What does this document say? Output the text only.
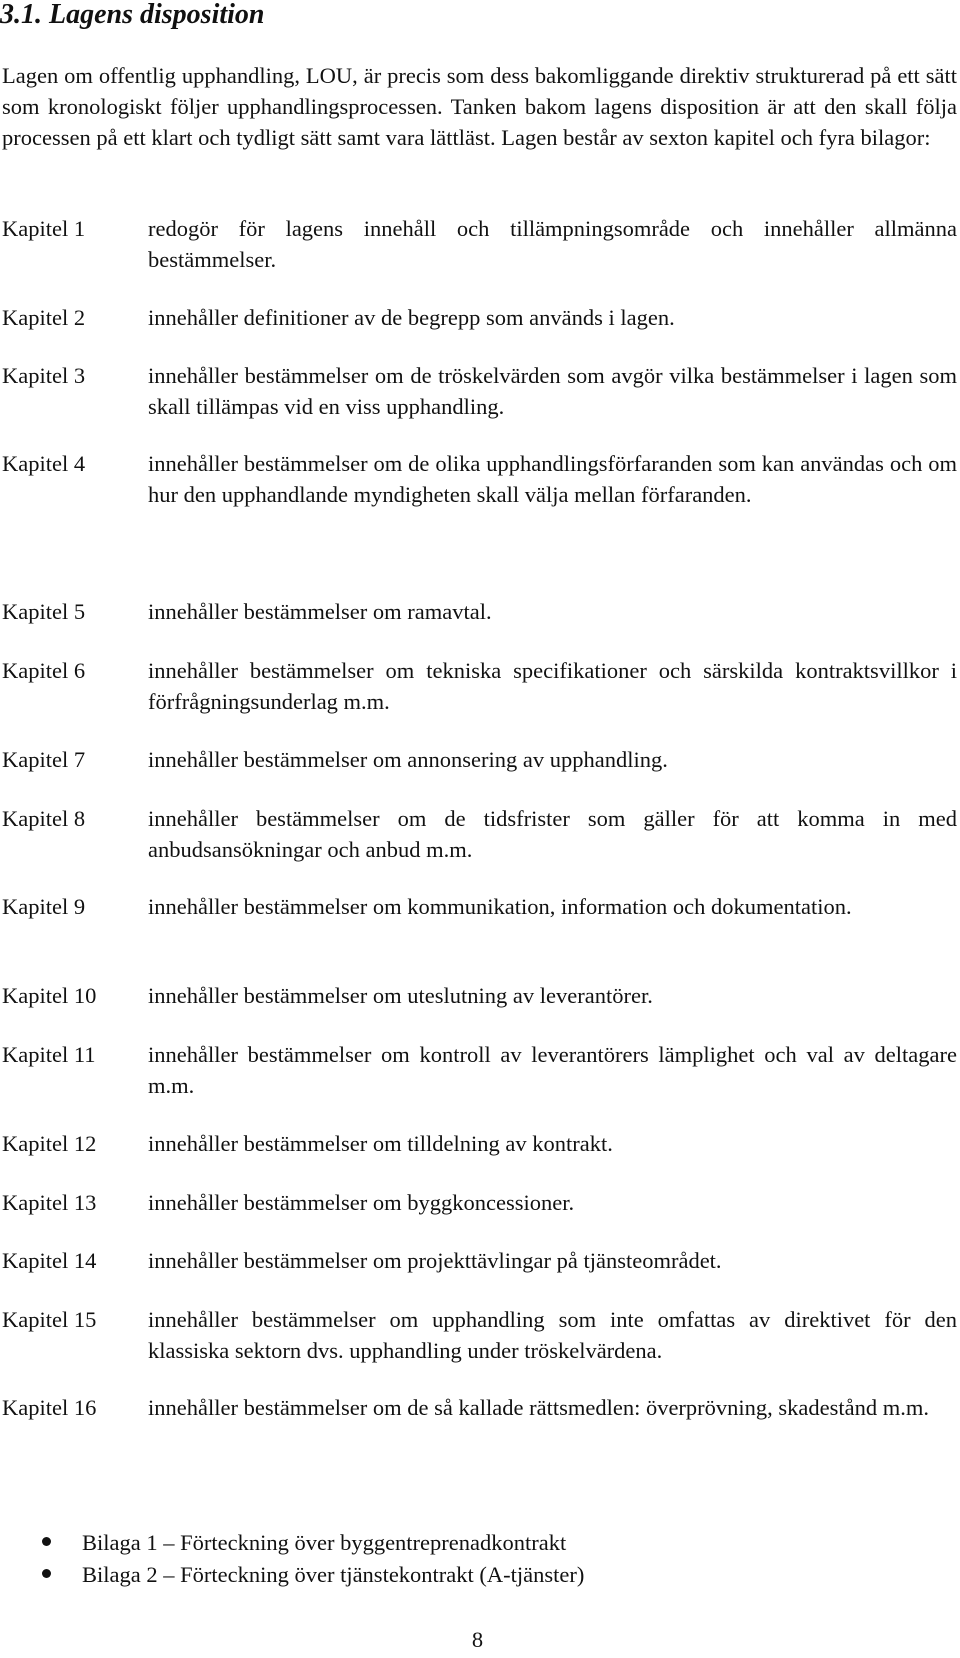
3.1. Lagens disposition

Lagen om offentlig upphandling, LOU, är precis som dess bakomliggande direktiv strukturerad på ett sätt som kronologiskt följer upphandlingsprocessen. Tanken bakom lagens disposition är att den skall följa processen på ett klart och tydligt sätt samt vara lättläst. Lagen består av sexton kapitel och fyra bilagor:

Kapitel 1	redogör för lagens innehåll och tillämpningsområde och innehåller allmänna bestämmelser.
Kapitel 2	innehåller definitioner av de begrepp som används i lagen.
Kapitel 3	innehåller bestämmelser om de tröskelvärden som avgör vilka bestämmelser i lagen som skall tillämpas vid en viss upphandling.
Kapitel 4	innehåller bestämmelser om de olika upphandlingsförfaranden som kan användas och om hur den upphandlande myndigheten skall välja mellan förfaranden.
Kapitel 5	innehåller bestämmelser om ramavtal.
Kapitel 6	innehåller bestämmelser om tekniska specifikationer och särskilda kontraktsvillkor i förfrågningsunderlag m.m.
Kapitel 7	innehåller bestämmelser om annonsering av upphandling.
Kapitel 8	innehåller bestämmelser om de tidsfrister som gäller för att komma in med anbudsansökningar och anbud m.m.
Kapitel 9	innehåller bestämmelser om kommunikation, information och dokumentation.
Kapitel 10 innehåller bestämmelser om uteslutning av leverantörer.
Kapitel 11 innehåller bestämmelser om kontroll av leverantörers lämplighet och val av deltagare m.m.
Kapitel 12 innehåller bestämmelser om tilldelning av kontrakt.
Kapitel 13 innehåller bestämmelser om byggkoncessioner.
Kapitel 14 innehåller bestämmelser om projekttävlingar på tjänsteområdet.
Kapitel 15 innehåller bestämmelser om upphandling som inte omfattas av direktivet för den klassiska sektorn dvs. upphandling under tröskelvärdena.
Kapitel 16 innehåller bestämmelser om de så kallade rättsmedlen: överprövning, skadestånd m.m.
Bilaga 1 – Förteckning över byggentreprenadkontrakt
Bilaga 2 – Förteckning över tjänstekontrakt (A-tjänster)
8
